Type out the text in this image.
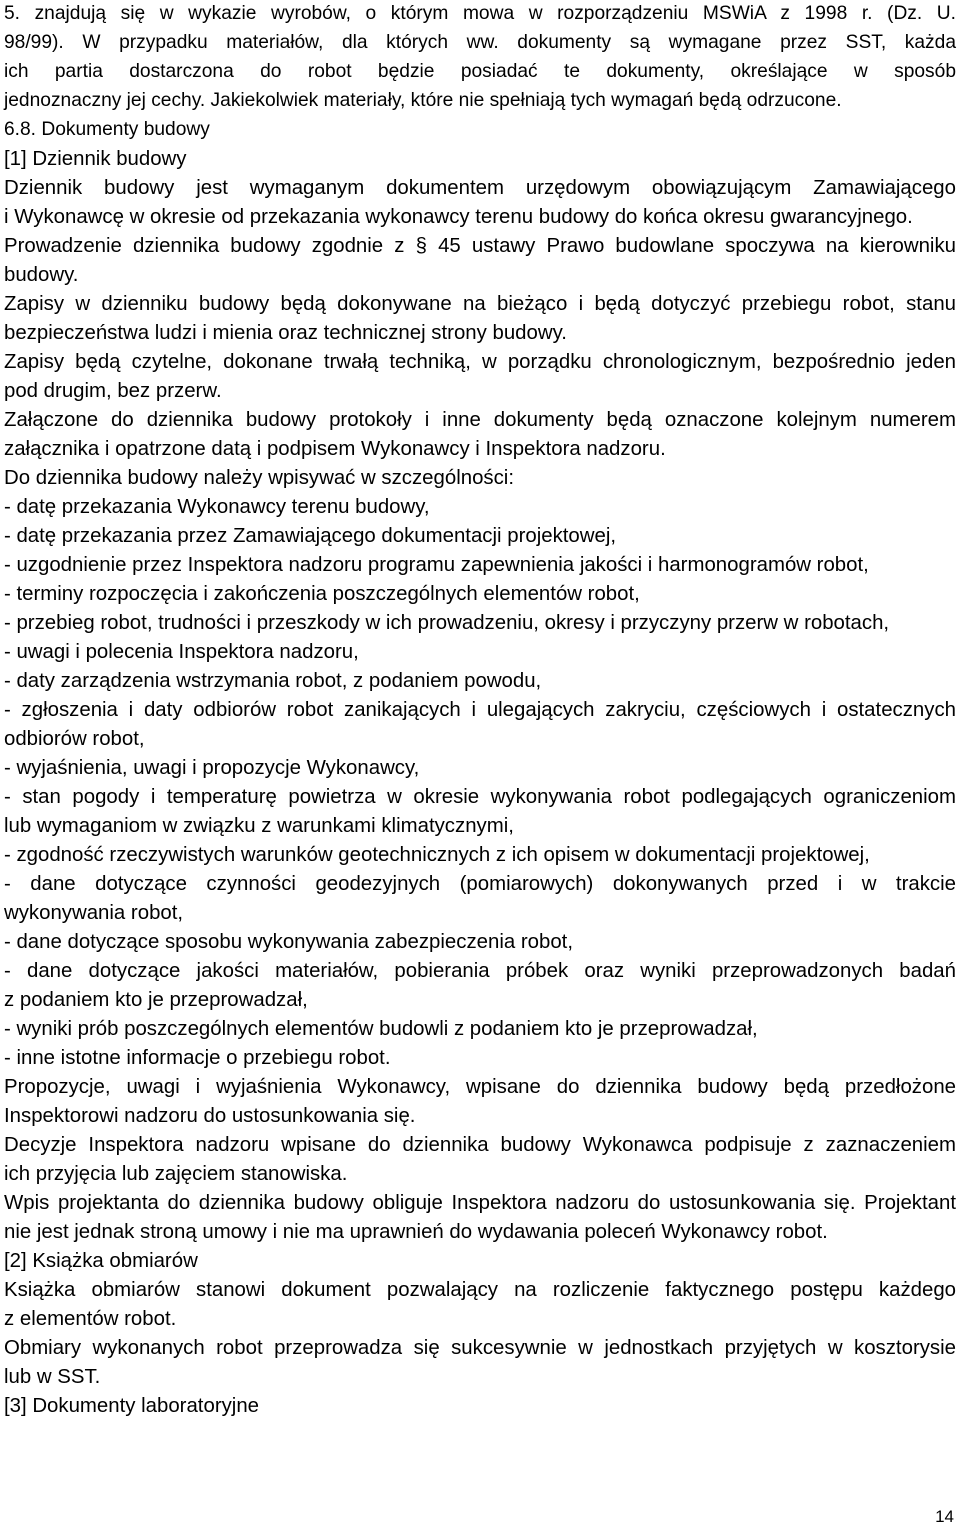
5. znajdują się w wykazie wyrobów, o którym mowa w rozporządzeniu MSWiA z 1998 r. (Dz. U.
98/99). W przypadku materiałów, dla których ww. dokumenty są wymagane przez SST, każda
ich partia dostarczona do robot będzie posiadać te dokumenty, określające w sposób
jednoznaczny jej cechy. Jakiekolwiek materiały, które nie spełniają tych wymagań będą odrzucone.
6.8. Dokumenty budowy
[1] Dziennik budowy
Dziennik budowy jest wymaganym dokumentem urzędowym obowiązującym Zamawiającego
i Wykonawcę w okresie od przekazania wykonawcy terenu budowy do końca okresu gwarancyjnego.
Prowadzenie dziennika budowy zgodnie z § 45 ustawy Prawo budowlane spoczywa na kierowniku
budowy.
Zapisy w dzienniku budowy będą dokonywane na bieżąco i będą dotyczyć przebiegu robot, stanu
bezpieczeństwa ludzi i mienia oraz technicznej strony budowy.
Zapisy będą czytelne, dokonane trwałą techniką, w porządku chronologicznym, bezpośrednio jeden
pod drugim, bez przerw.
Załączone do dziennika budowy protokoły i inne dokumenty będą oznaczone kolejnym numerem
załącznika i opatrzone datą i podpisem Wykonawcy i Inspektora nadzoru.
Do dziennika budowy należy wpisywać w szczególności:
- datę przekazania Wykonawcy terenu budowy,
- datę przekazania przez Zamawiającego dokumentacji projektowej,
- uzgodnienie przez Inspektora nadzoru programu zapewnienia jakości i harmonogramów robot,
- terminy rozpoczęcia i zakończenia poszczególnych elementów robot,
- przebieg robot, trudności i przeszkody w ich prowadzeniu, okresy i przyczyny przerw w robotach,
- uwagi i polecenia Inspektora nadzoru,
- daty zarządzenia wstrzymania robot, z podaniem powodu,
- zgłoszenia i daty odbiorów robot zanikających i ulegających zakryciu, częściowych i ostatecznych
odbiorów robot,
- wyjaśnienia, uwagi i propozycje Wykonawcy,
- stan pogody i temperaturę powietrza w okresie wykonywania robot podlegających ograniczeniom
lub wymaganiom w związku z warunkami klimatycznymi,
- zgodność rzeczywistych warunków geotechnicznych z ich opisem w dokumentacji projektowej,
- dane dotyczące czynności geodezyjnych (pomiarowych) dokonywanych przed i w trakcie
wykonywania robot,
- dane dotyczące sposobu wykonywania zabezpieczenia robot,
- dane dotyczące jakości materiałów, pobierania próbek oraz wyniki przeprowadzonych badań
z podaniem kto je przeprowadzał,
- wyniki prób poszczególnych elementów budowli z podaniem kto je przeprowadzał,
- inne istotne informacje o przebiegu robot.
Propozycje, uwagi i wyjaśnienia Wykonawcy, wpisane do dziennika budowy będą przedłożone
Inspektorowi nadzoru do ustosunkowania się.
Decyzje Inspektora nadzoru wpisane do dziennika budowy Wykonawca podpisuje z zaznaczeniem
ich przyjęcia lub zajęciem stanowiska.
Wpis projektanta do dziennika budowy obliguje Inspektora nadzoru do ustosunkowania się. Projektant
nie jest jednak stroną umowy i nie ma uprawnień do wydawania poleceń Wykonawcy robot.
[2] Książka obmiarów
Książka obmiarów stanowi dokument pozwalający na rozliczenie faktycznego postępu każdego
z elementów robot.
Obmiary wykonanych robot przeprowadza się sukcesywnie w jednostkach przyjętych w kosztorysie
lub w SST.
[3] Dokumenty laboratoryjne
14
